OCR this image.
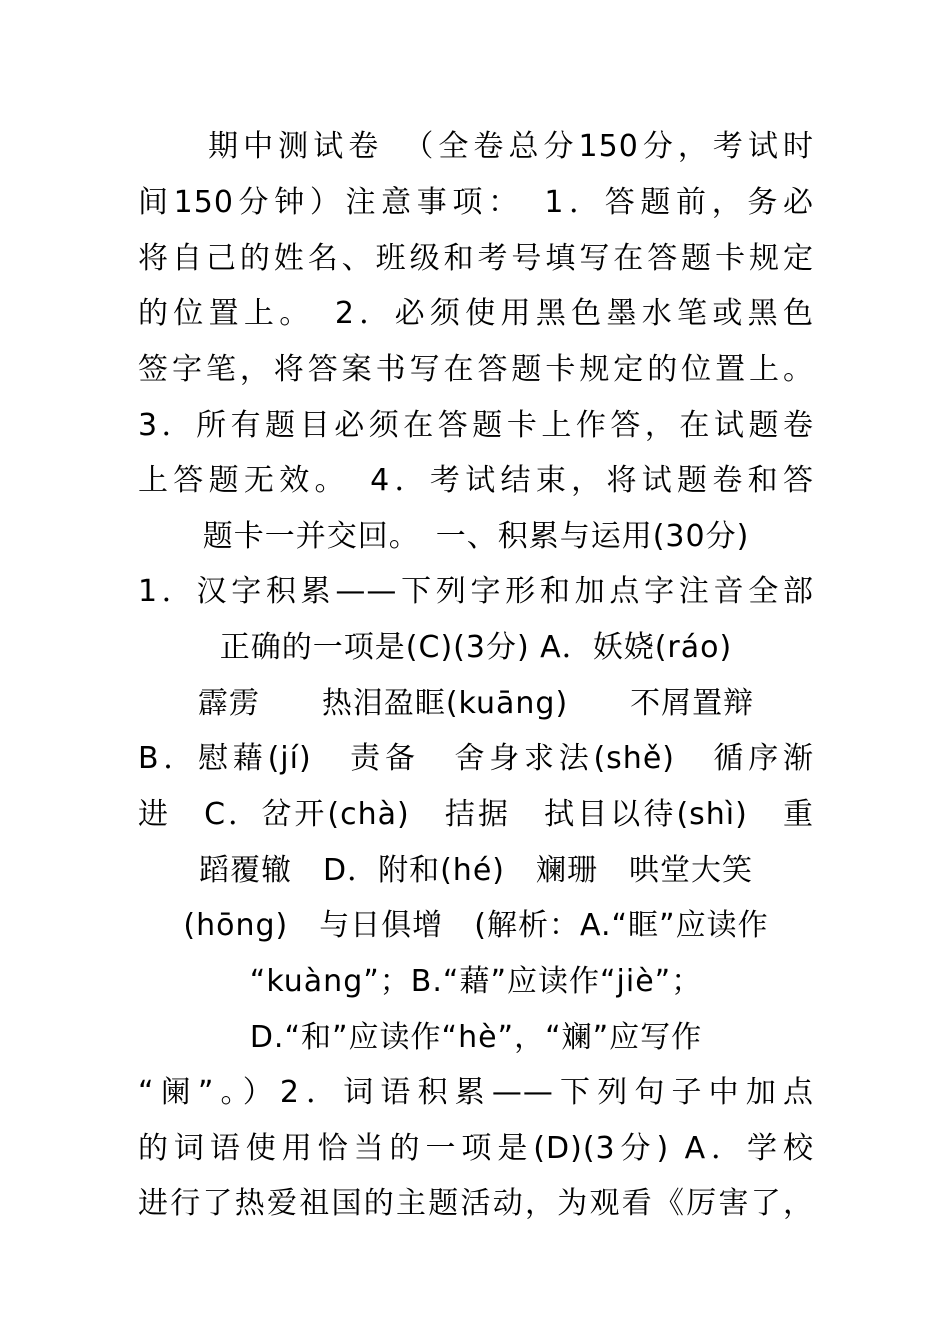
　　期中测试卷　（全卷总分150分，考试时
间150分钟）注意事项：　1．答题前，务必
将自己的姓名、班级和考号填写在答题卡规定
的位置上。　2．必须使用黑色墨水笔或黑色
签字笔，将答案书写在答题卡规定的位置上。
3．所有题目必须在答题卡上作答，在试题卷
上答题无效。　4．考试结束，将试题卷和答
题卡一并交回。　一、积累与运用(30分)
1．汉字积累——下列字形和加点字注音全部
正确的一项是(C)(3分) A．妖娆(ráo)
霹雳　　热泪盈眶(kuāng)　　不屑置辩
B．慰藉(jí)　责备　舍身求法(shě)　循序渐
进　C．岔开(chà)　拮据　拭目以待(shì)　重
蹈覆辙　D．附和(hé)　斓珊　哄堂大笑
(hōng)　与日俱增　(解析：A.“眶”应读作
“kuàng”；B.“藉”应读作“jiè”；
D.“和”应读作“hè”，“斓”应写作
“阑”。）2．词语积累——下列句子中加点
的词语使用恰当的一项是(D)(3分) A．学校
进行了热爱祖国的主题活动，为观看《厉害了，
